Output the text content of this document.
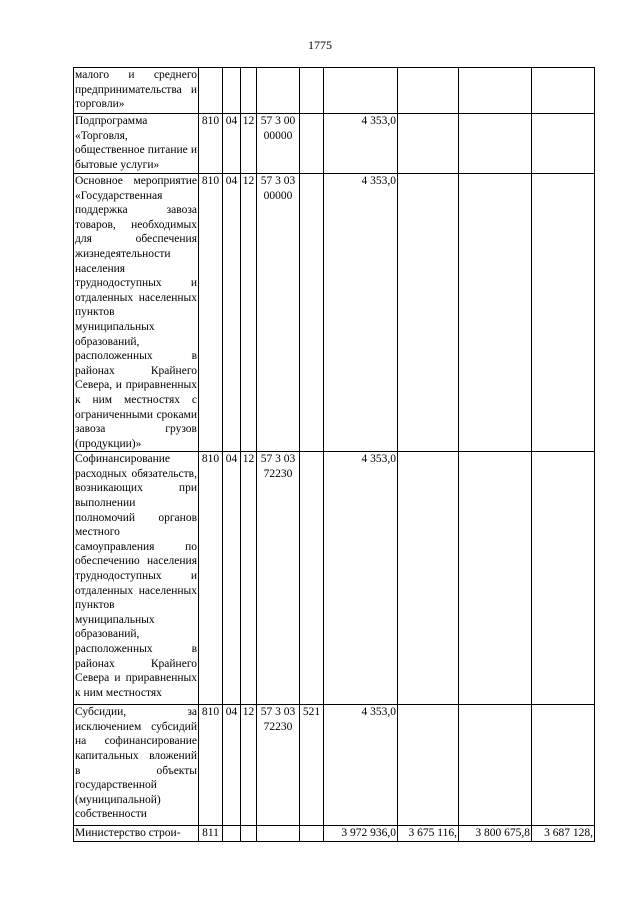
1775
малого и среднего предпринимательства и торговли»									
Подпрограмма «Торговля, общественное питание и бытовые услуги»	810	04	12	57 3 00 00000		4 353,0			
Основное мероприятие «Государственная поддержка завоза товаров, необходимых для обеспечения жизнедеятельности населения труднодоступных и отдаленных населенных пунктов муниципальных образований, расположенных в районах Крайнего Севера, и приравненных к ним местностях с ограниченными сроками завоза грузов (продукции)»	810	04	12	57 3 03 00000		4 353,0			
Софинансирование расходных обязательств, возникающих при выполнении полномочий органов местного самоуправления по обеспечению населения труднодоступных и отдаленных населенных пунктов муниципальных образований, расположенных в районах Крайнего Севера и приравненных к ним местностях	810	04	12	57 3 03 72230		4 353,0			
Субсидии, за исключением субсидий на софинансирование капитальных вложений в объекты государственной (муниципальной) собственности	810	04	12	57 3 03 72230	521	4 353,0			
Министерство строи-	811					3 972 936,0	3 675 116,	3 800 675,8	3 687 128,
